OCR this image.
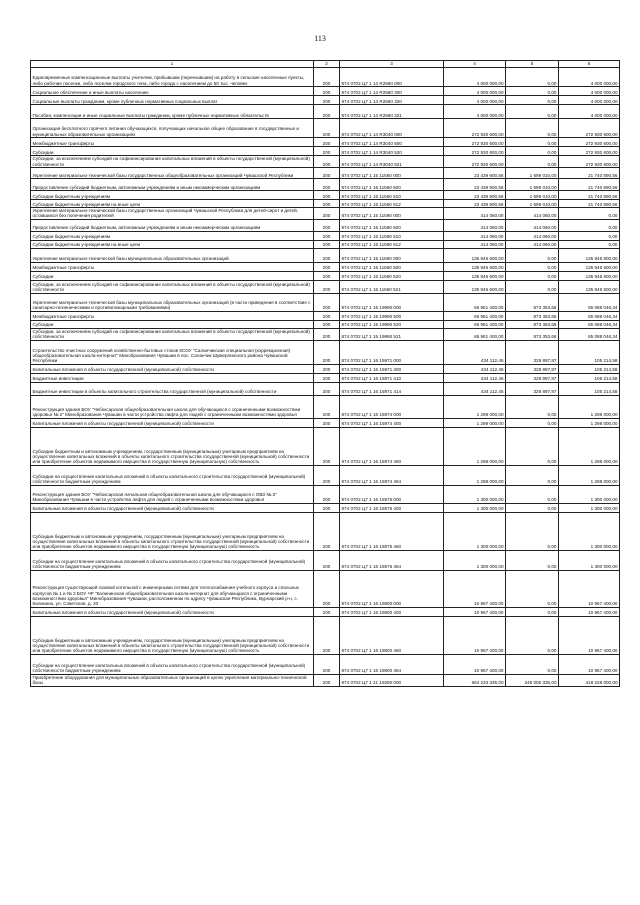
113
1	2	3	4	5	6
Единовременные компенсационные выплаты учителям, прибывшим (переехавшим) на работу в сельские населенные пункты, либо рабочие поселки, либо поселки городского типа, либо города с населением до 50 тыс. человек	200	874 0702 Ц7 1 14 R2560 000	4 000 000,00	0,00	4 000 000,00
Социальное обеспечение и иные выплаты населению	200	874 0702 Ц7 1 14 R2560 300	4 000 000,00	0,00	4 000 000,00
Социальные выплаты гражданам, кроме публичных нормативных социальных выплат	200	874 0702 Ц7 1 14 R2560 320	4 000 000,00	0,00	4 000 000,00
Пособия, компенсации и иные социальные выплаты гражданам, кроме публичных нормативных обязательств	200	874 0702 Ц7 1 14 R2560 321	4 000 000,00	0,00	4 000 000,00
Организация бесплатного горячего питания обучающихся, получающих начальное общее образование в государственных и муниципальных образовательных организациях	200	874 0702 Ц7 1 14 R3040 000	272 930 600,00	0,00	272 930 600,00
Межбюджетные трансферты	200	874 0702 Ц7 1 14 R3040 500	272 930 600,00	0,00	272 930 600,00
Субсидии	200	874 0702 Ц7 1 14 R3040 520	272 930 600,00	0,00	272 930 600,00
Субсидии, за исключением субсидий на софинансирование капитальных вложений в объекты государственной (муниципальной) собственности	200	874 0702 Ц7 1 14 R3040 521	272 930 600,00	0,00	272 930 600,00
Укрепление материально-технической базы государственных общеобразовательных организаций Чувашской Республики	200	874 0702 Ц7 1 15 11560 000	23 439 900,56	1 699 010,00	21 740 890,56
Предоставление субсидий бюджетным, автономным учреждениям и иным некоммерческим организациям	200	874 0702 Ц7 1 15 11560 600	23 439 900,56	1 699 010,00	21 740 890,56
Субсидии бюджетным учреждениям	200	874 0702 Ц7 1 15 11560 610	23 439 900,56	1 699 010,00	21 740 890,56
Субсидии бюджетным учреждениям на иные цели	200	874 0702 Ц7 1 15 11560 612	23 439 900,56	1 699 010,00	21 740 890,56
Укрепление материально-технической базы государственных организаций Чувашской Республики для детей-сирот и детей, оставшихся без попечения родителей	200	874 0702 Ц7 1 15 11590 000	414 060,00	414 060,00	0,00
Предоставление субсидий бюджетным, автономным учреждениям и иным некоммерческим организациям	200	874 0702 Ц7 1 15 11590 600	414 060,00	414 060,00	0,00
Субсидии бюджетным учреждениям	200	874 0702 Ц7 1 15 11590 610	414 060,00	414 060,00	0,00
Субсидии бюджетным учреждениям на иные цели	200	874 0702 Ц7 1 15 11590 612	414 060,00	414 060,00	0,00
Укрепление материально-технической базы муниципальных образовательных организаций	200	874 0702 Ц7 1 15 11660 000	135 946 600,00	0,00	135 946 600,00
Межбюджетные трансферты	200	874 0702 Ц7 1 15 11660 500	135 946 600,00	0,00	135 946 600,00
Субсидии	200	874 0702 Ц7 1 15 11660 520	135 946 600,00	0,00	135 946 600,00
Субсидии, за исключением субсидий на софинансирование капитальных вложений в объекты государственной (муниципальной) собственности	200	874 0702 Ц7 1 15 11660 521	135 946 600,00	0,00	135 946 600,00
Укрепление материально-технической базы муниципальных образовательных организаций (в части приведения в соответствие с санитарно-гигиеническими и противопожарными требованиями)	200	874 0702 Ц7 1 15 19990 000	65 961 400,00	873 353,66	65 088 046,34
Межбюджетные трансферты	200	874 0702 Ц7 1 15 19990 500	65 961 400,00	873 353,66	65 088 046,34
Субсидии	200	874 0702 Ц7 1 15 19990 520	65 961 400,00	873 353,66	65 088 046,34
Субсидии, за исключением субсидий на софинансирование капитальных вложений в объекты государственной (муниципальной) собственности	200	874 0702 Ц7 1 15 19990 521	65 961 400,00	873 353,66	65 088 046,34
Строительство очистных сооружений хозяйственно-бытовых стоков КСОУ "Саланчикская специальная (коррекционная) общеобразовательная школа-интернат" Минобразования Чувашии в пос. Саланчик Шумерлинского района Чувашской Республики	200	874 0702 Ц7 1 16 15971 000	434 112,45	328 897,87	105 214,58
Капитальные вложения в объекты государственной (муниципальной) собственности	200	874 0702 Ц7 1 16 15971 400	434 112,45	328 897,87	105 214,58
Бюджетные инвестиции	200	874 0702 Ц7 1 16 15971 410	434 112,45	328 897,87	105 214,58
Бюджетные инвестиции в объекты капитального строительства государственной (муниципальной) собственности	200	874 0702 Ц7 1 16 15971 414	434 112,45	328 897,87	105 214,58
Реконструкция здания БОУ "Чебоксарская общеобразовательная школа для обучающихся с ограниченными возможностями здоровья № 2" Минобразования Чувашии в части устройства лифта для людей с ограниченными возможностями здоровья	200	874 0702 Ц7 1 16 15974 000	1 298 000,00	0,00	1 298 000,00
Капитальные вложения в объекты государственной (муниципальной) собственности	200	874 0702 Ц7 1 16 15974 400	1 298 000,00	0,00	1 298 000,00
Субсидии бюджетным и автономным учреждениям, государственным (муниципальным) унитарным предприятиям на осуществление капитальных вложений в объекты капитального строительства государственной (муниципальной) собственности или приобретение объектов недвижимого имущества в государственную (муниципальную) собственность	200	874 0702 Ц7 1 16 15974 460	1 298 000,00	0,00	1 298 000,00
Субсидии на осуществление капитальных вложений в объекты капитального строительства государственной (муниципальной) собственности бюджетным учреждениям	200	874 0702 Ц7 1 16 15974 464	1 298 000,00	0,00	1 298 000,00
Реконструкция здания БОУ "Чебоксарская начальная общеобразовательная школа для обучающихся с ОВЗ № 3" Минобразования Чувашии в части устройства лифта для людей с ограниченными возможностями здоровья	200	874 0702 Ц7 1 16 15975 000	1 300 000,00	0,00	1 300 000,00
Капитальные вложения в объекты государственной (муниципальной) собственности	200	874 0702 Ц7 1 16 15975 400	1 300 000,00	0,00	1 300 000,00
Субсидии бюджетным и автономным учреждениям, государственным (муниципальным) унитарным предприятиям на осуществление капитальных вложений в объекты капитального строительства государственной (муниципальной) собственности или приобретение объектов недвижимого имущества в государственную (муниципальную) собственность	200	874 0702 Ц7 1 16 15975 460	1 300 000,00	0,00	1 300 000,00
Субсидии на осуществление капитальных вложений в объекты капитального строительства государственной (муниципальной) собственности бюджетным учреждениям	200	874 0702 Ц7 1 16 15975 464	1 300 000,00	0,00	1 300 000,00
Реконструкция существующей газовой котельной с инженерными сетями для теплоснабжения учебного корпуса и спальных корпусов № 1 и № 2 БОУ ЧР "Калининская общеобразовательная школа-интернат для обучающихся с ограниченными возможностями здоровья" Минобразования Чувашии, расположенном по адресу Чувашская Республика, Вурнарский р-н, с. Калинино, ул. Советская, д. 20	200	874 0702 Ц7 1 16 19800 000	10 967 400,00	0,00	10 967 400,00
Капитальные вложения в объекты государственной (муниципальной) собственности	200	874 0702 Ц7 1 16 19800 400	10 967 400,00	0,00	10 967 400,00
Субсидии бюджетным и автономным учреждениям, государственным (муниципальным) унитарным предприятиям на осуществление капитальных вложений в объекты капитального строительства государственной (муниципальной) собственности или приобретение объектов недвижимого имущества в государственную (муниципальную) собственность	200	874 0702 Ц7 1 16 19800 460	10 967 400,00	0,00	10 967 400,00
Субсидии на осуществление капитальных вложений в объекты капитального строительства государственной (муниципальной) собственности бюджетным учреждениям	200	874 0702 Ц7 1 16 19800 464	10 967 400,00	0,00	10 967 400,00
Приобретение оборудования для муниципальных образовательных организаций в целях укрепления материально-технической базы	200	874 0702 Ц7 1 21 19280 000	664 233 335,00	246 006 335,00	418 228 000,00
